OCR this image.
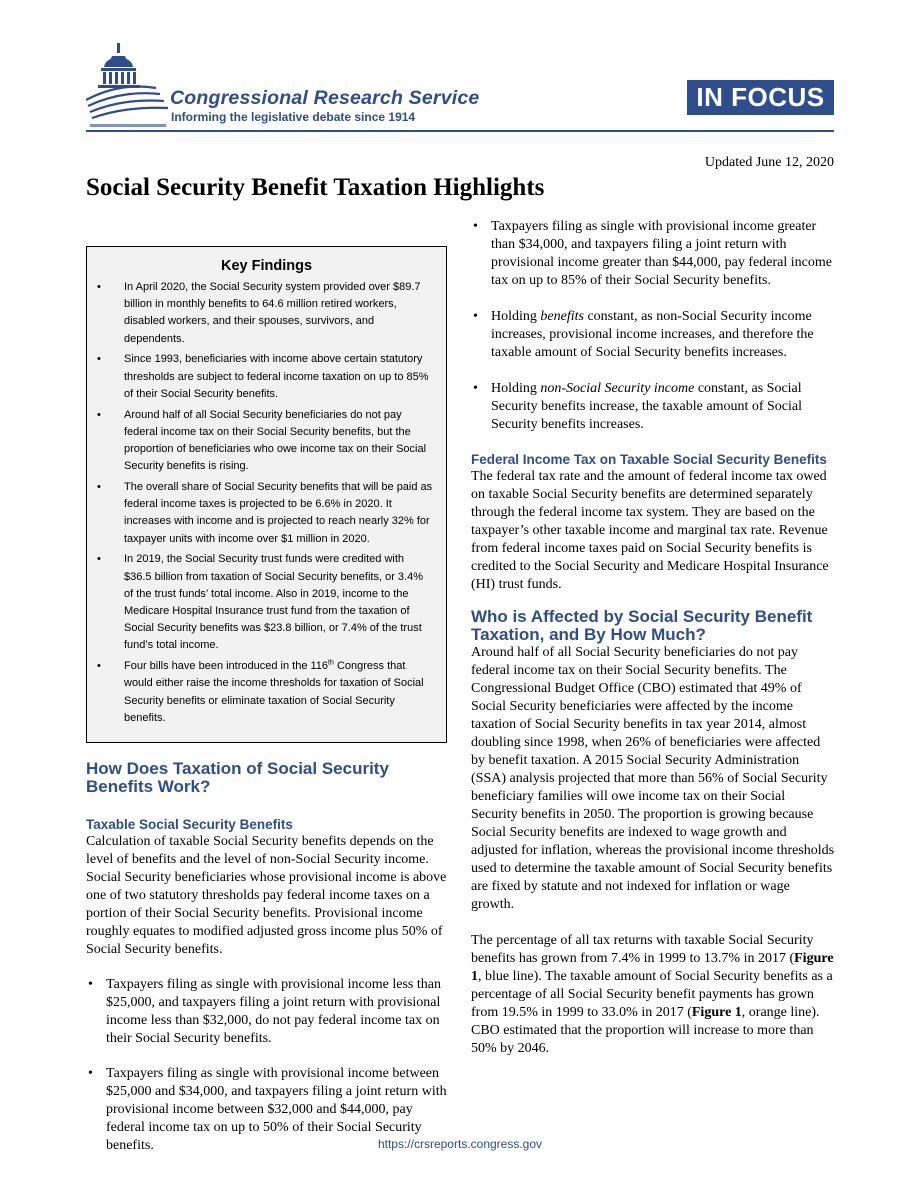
Congressional Research Service
Informing the legislative debate since 1914
IN FOCUS
Updated June 12, 2020
Social Security Benefit Taxation Highlights
Key Findings
• In April 2020, the Social Security system provided over $89.7 billion in monthly benefits to 64.6 million retired workers, disabled workers, and their spouses, survivors, and dependents.
• Since 1993, beneficiaries with income above certain statutory thresholds are subject to federal income taxation on up to 85% of their Social Security benefits.
• Around half of all Social Security beneficiaries do not pay federal income tax on their Social Security benefits, but the proportion of beneficiaries who owe income tax on their Social Security benefits is rising.
• The overall share of Social Security benefits that will be paid as federal income taxes is projected to be 6.6% in 2020. It increases with income and is projected to reach nearly 32% for taxpayer units with income over $1 million in 2020.
• In 2019, the Social Security trust funds were credited with $36.5 billion from taxation of Social Security benefits, or 3.4% of the trust funds’ total income. Also in 2019, income to the Medicare Hospital Insurance trust fund from the taxation of Social Security benefits was $23.8 billion, or 7.4% of the trust fund’s total income.
• Four bills have been introduced in the 116th Congress that would either raise the income thresholds for taxation of Social Security benefits or eliminate taxation of Social Security benefits.
How Does Taxation of Social Security Benefits Work?
Taxable Social Security Benefits

Calculation of taxable Social Security benefits depends on the level of benefits and the level of non-Social Security income. Social Security beneficiaries whose provisional income is above one of two statutory thresholds pay federal income taxes on a portion of their Social Security benefits. Provisional income roughly equates to modified adjusted gross income plus 50% of Social Security benefits.

• Taxpayers filing as single with provisional income less than $25,000, and taxpayers filing a joint return with provisional income less than $32,000, do not pay federal income tax on their Social Security benefits.
• Taxpayers filing as single with provisional income between $25,000 and $34,000, and taxpayers filing a joint return with provisional income between $32,000 and $44,000, pay federal income tax on up to 50% of their Social Security benefits.
• Taxpayers filing as single with provisional income greater than $34,000, and taxpayers filing a joint return with provisional income greater than $44,000, pay federal income tax on up to 85% of their Social Security benefits.
• Holding benefits constant, as non-Social Security income increases, provisional income increases, and therefore the taxable amount of Social Security benefits increases.
• Holding non-Social Security income constant, as Social Security benefits increase, the taxable amount of Social Security benefits increases.
Federal Income Tax on Taxable Social Security Benefits

The federal tax rate and the amount of federal income tax owed on taxable Social Security benefits are determined separately through the federal income tax system. They are based on the taxpayer’s other taxable income and marginal tax rate. Revenue from federal income taxes paid on Social Security benefits is credited to the Social Security and Medicare Hospital Insurance (HI) trust funds.

Who is Affected by Social Security Benefit Taxation, and By How Much?

Around half of all Social Security beneficiaries do not pay federal income tax on their Social Security benefits. The Congressional Budget Office (CBO) estimated that 49% of Social Security beneficiaries were affected by the income taxation of Social Security benefits in tax year 2014, almost doubling since 1998, when 26% of beneficiaries were affected by benefit taxation. A 2015 Social Security Administration (SSA) analysis projected that more than 56% of Social Security beneficiary families will owe income tax on their Social Security benefits in 2050. The proportion is growing because Social Security benefits are indexed to wage growth and adjusted for inflation, whereas the provisional income thresholds used to determine the taxable amount of Social Security benefits are fixed by statute and not indexed for inflation or wage growth.

The percentage of all tax returns with taxable Social Security benefits has grown from 7.4% in 1999 to 13.7% in 2017 (Figure 1, blue line). The taxable amount of Social Security benefits as a percentage of all Social Security benefit payments has grown from 19.5% in 1999 to 33.0% in 2017 (Figure 1, orange line). CBO estimated that the proportion will increase to more than 50% by 2046.

https://crsreports.congress.gov
